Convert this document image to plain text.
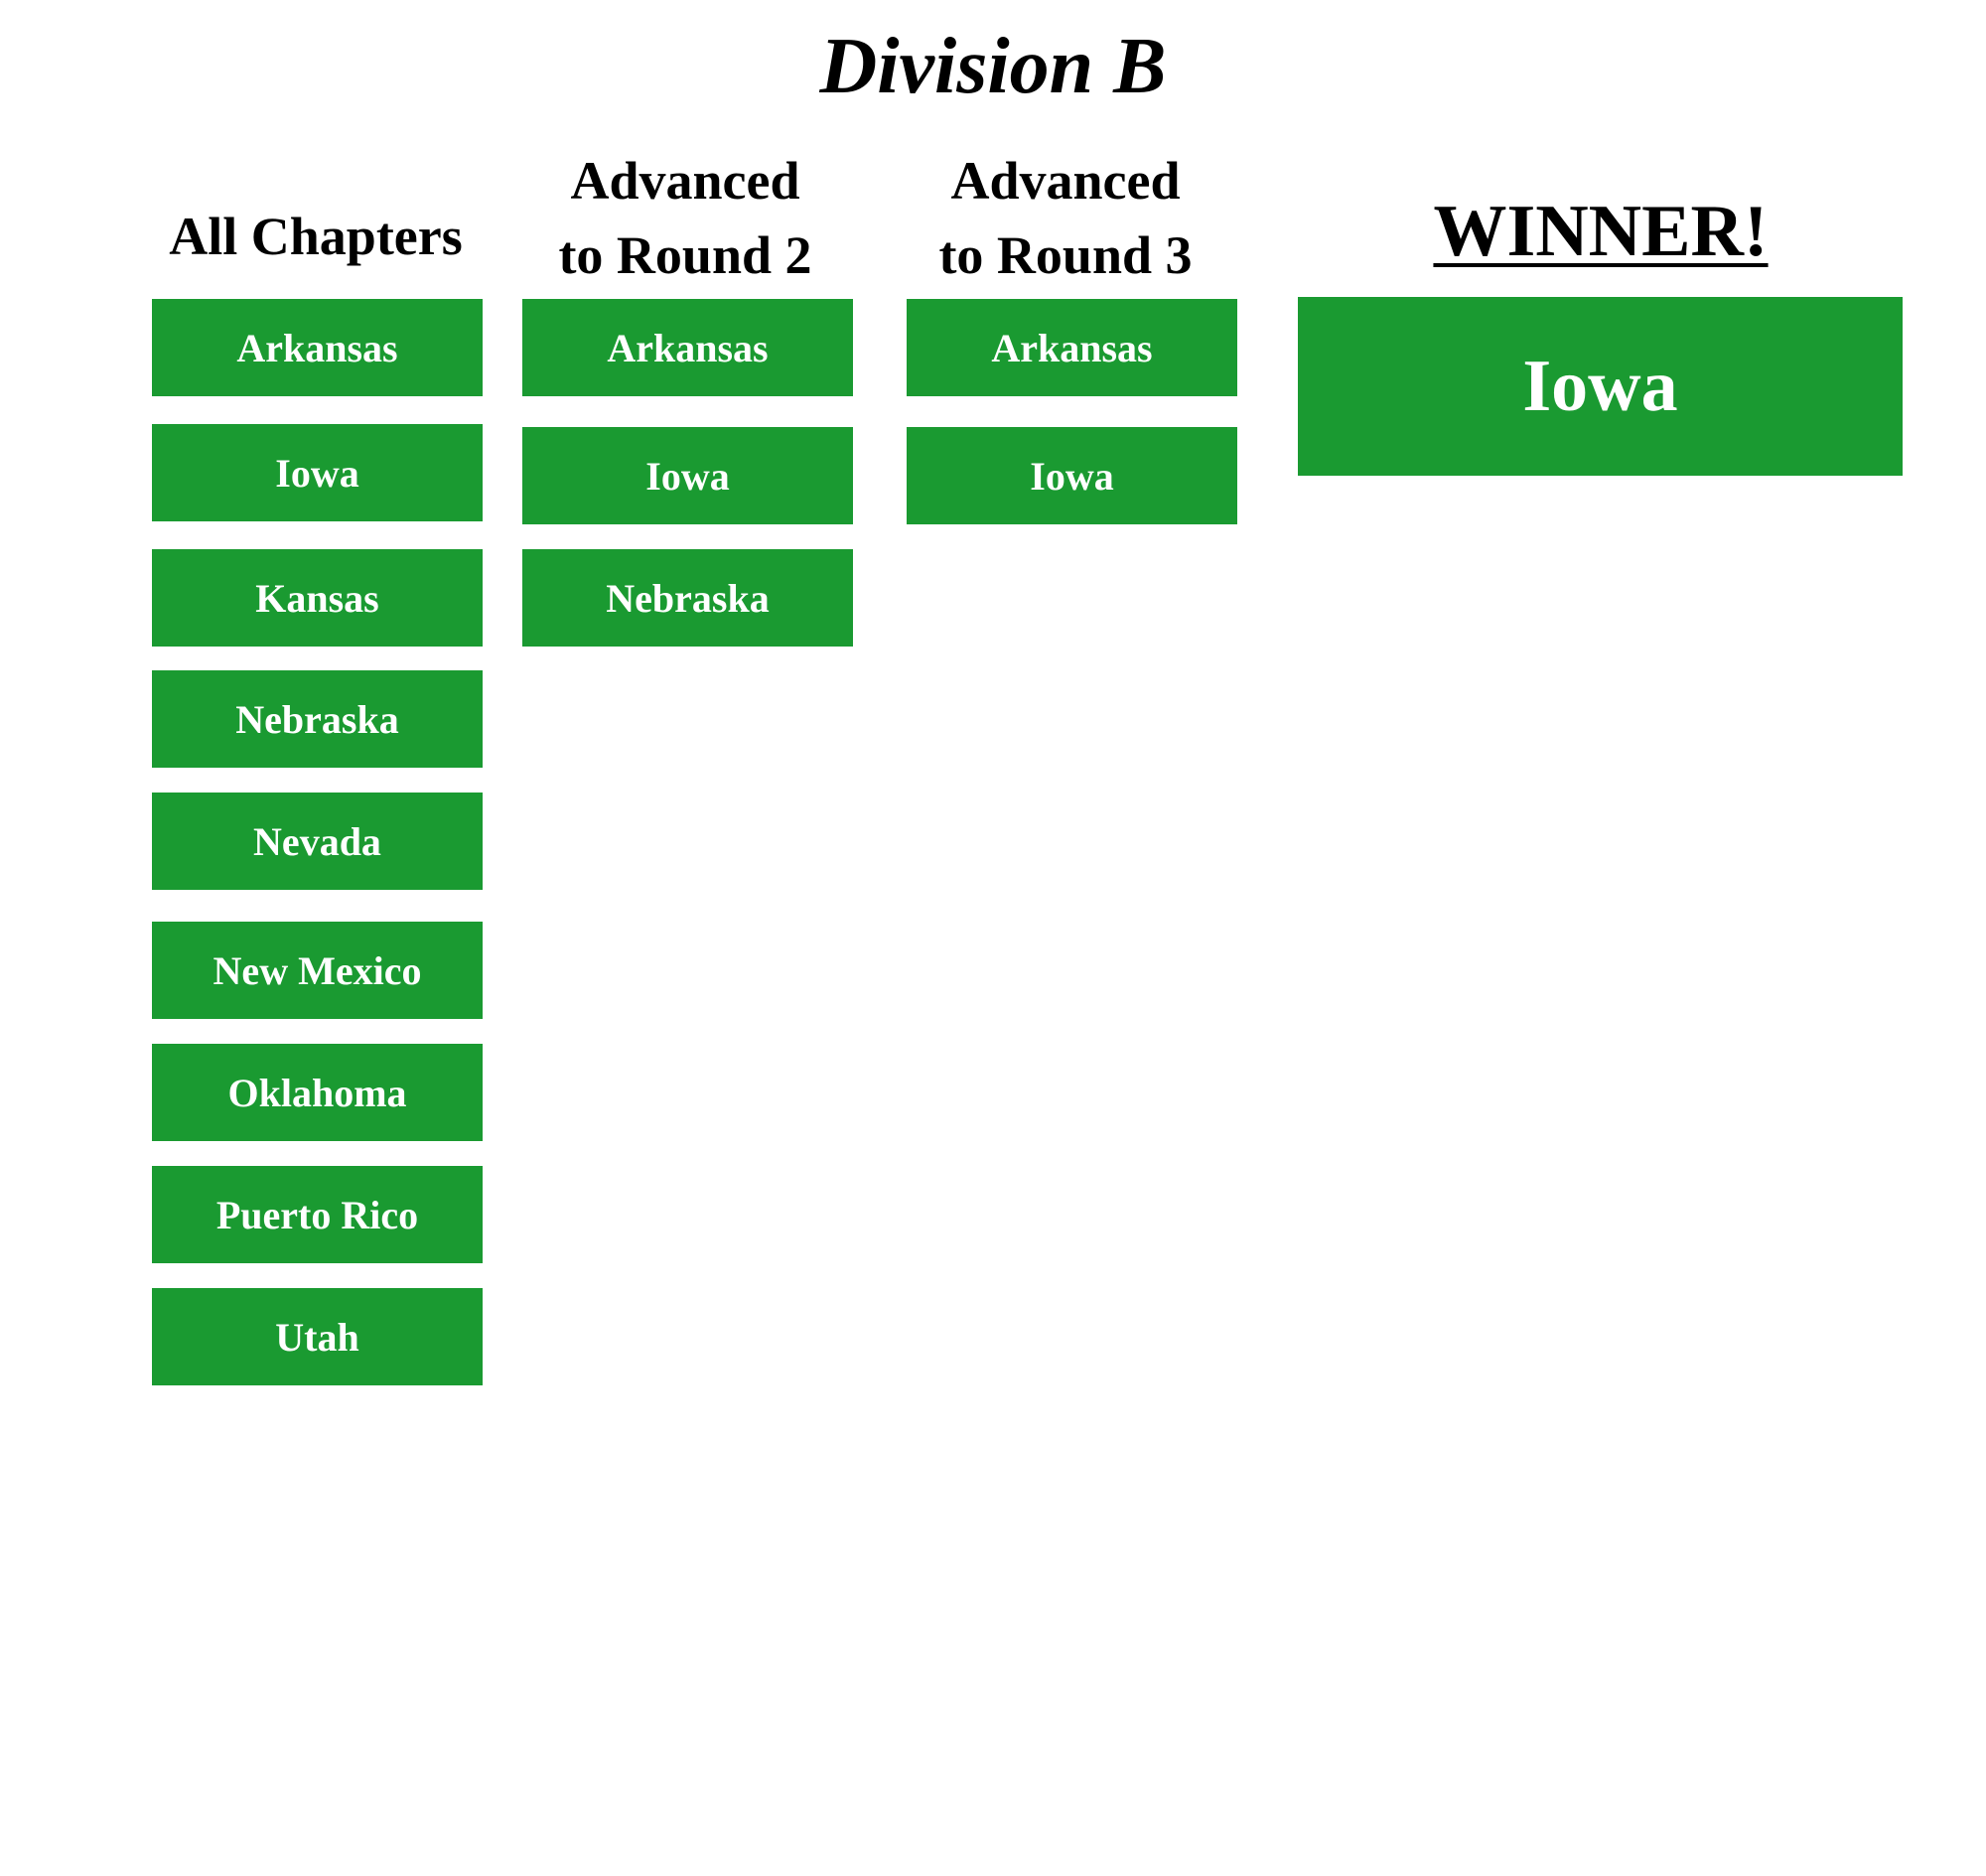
Division B
All Chapters
Advanced
to Round 2
Advanced
to Round 3	WINNER!
Arkansas
Iowa
Kansas
Nebraska
Nevada
New Mexico
Oklahoma
Puerto Rico
Utah
Arkansas
Iowa
Nebraska
Arkansas
Iowa
Iowa
